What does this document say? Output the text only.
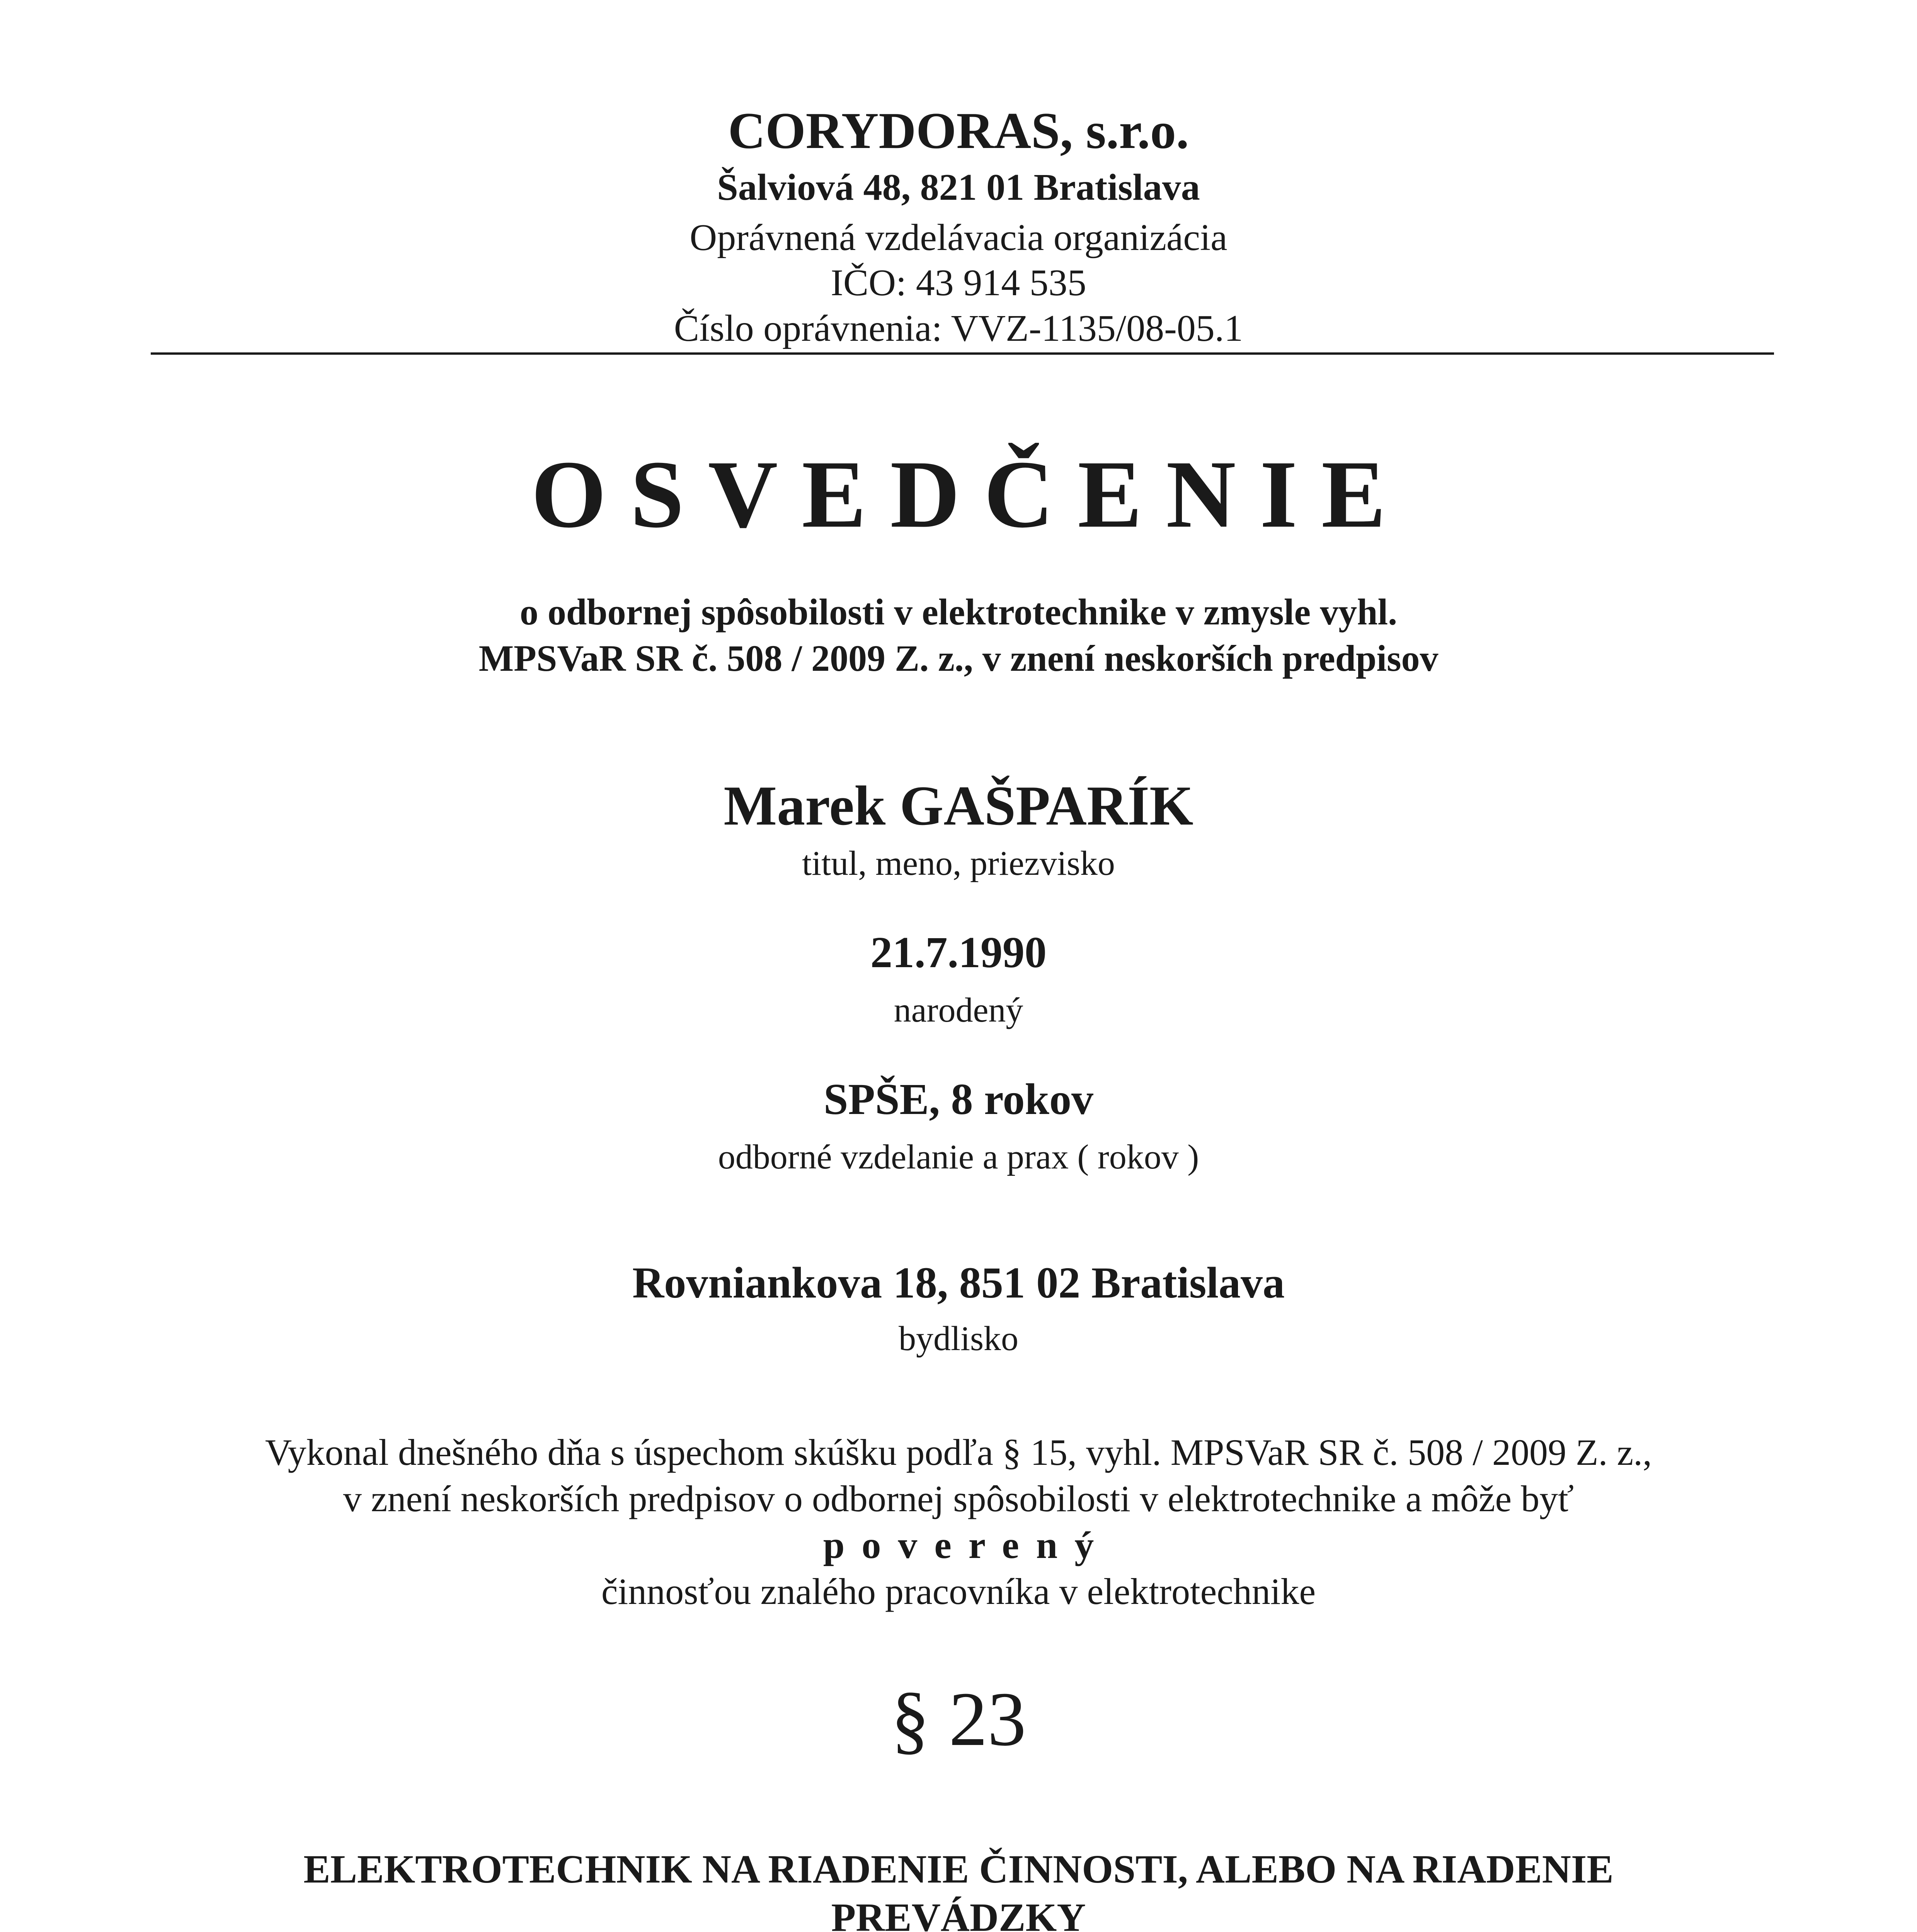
CORYDORAS, s.r.o.
Šalviová 48, 821 01 Bratislava
Oprávnená vzdelávacia organizácia
IČO: 43 914 535
Číslo oprávnenia: VVZ-1135/08-05.1
OSVEDČENIE
o odbornej spôsobilosti v elektrotechnike v zmysle vyhl.
MPSVaR SR č. 508 / 2009 Z. z., v znení neskorších predpisov
Marek GAŠPARÍK
titul, meno, priezvisko
21.7.1990
narodený
SPŠE, 8 rokov
odborné vzdelanie a prax ( rokov )
Rovniankova 18, 851 02 Bratislava
bydlisko
Vykonal dnešného dňa s úspechom skúšku podľa § 15, vyhl. MPSVaR SR č. 508 / 2009 Z. z.,
v znení neskorších predpisov o odbornej spôsobilosti v elektrotechnike a môže byť
poverený
činnosťou znalého pracovníka v elektrotechnike
§ 23
ELEKTROTECHNIK NA RIADENIE ČINNOSTI, ALEBO NA RIADENIE
PREVÁDZKY
